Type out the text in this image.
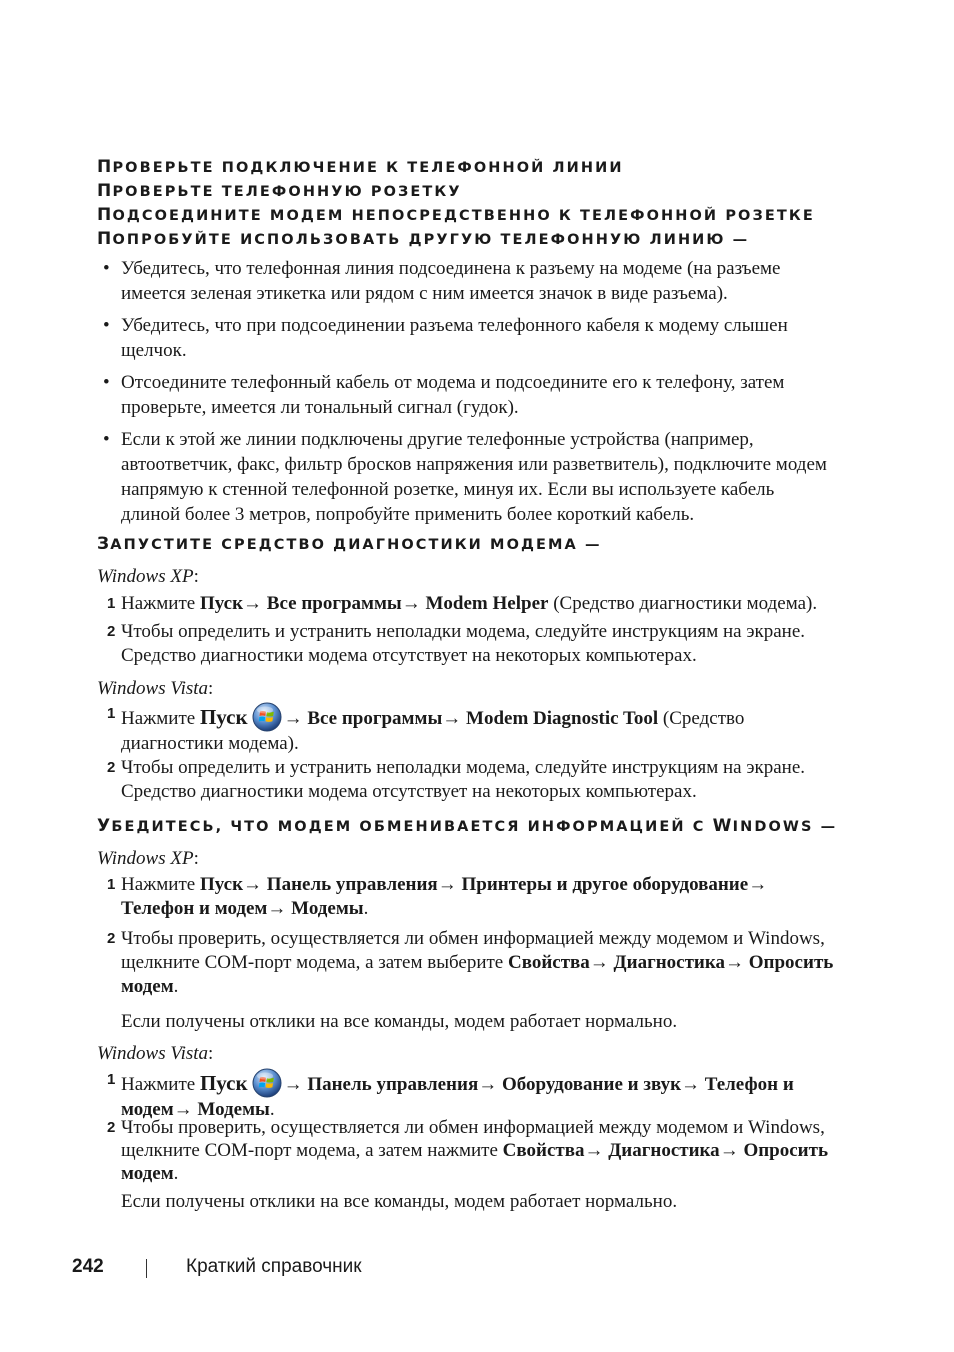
ПРОВЕРЬТЕ ПОДКЛЮЧЕНИЕ К ТЕЛЕФОННОЙ ЛИНИИ
ПРОВЕРЬТЕ ТЕЛЕФОННУЮ РОЗЕТКУ
ПОДСОЕДИНИТЕ МОДЕМ НЕПОСРЕДСТВЕННО К ТЕЛЕФОННОЙ РОЗЕТКЕ
ПОПРОБУЙТЕ ИСПОЛЬЗОВАТЬ ДРУГУЮ ТЕЛЕФОННУЮ ЛИНИЮ —
• Убедитесь, что телефонная линия подсоединена к разъему на модеме (на разъеме имеется зеленая этикетка или рядом с ним имеется значок в виде разъема).
• Убедитесь, что при подсоединении разъема телефонного кабеля к модему слышен щелчок.
• Отсоедините телефонный кабель от модема и подсоедините его к телефону, затем проверьте, имеется ли тональный сигнал (гудок).
• Если к этой же линии подключены другие телефонные устройства (например, автоответчик, факс, фильтр бросков напряжения или разветвитель), подключите модем напрямую к стенной телефонной розетке, минуя их. Если вы используете кабель длиной более 3 метров, попробуйте применить более короткий кабель.
ЗАПУСТИТЕ СРЕДСТВО ДИАГНОСТИКИ МОДЕМА —
Windows XP:
1 Нажмите Пуск→ Все программы→ Modem Helper (Средство диагностики модема).
2 Чтобы определить и устранить неполадки модема, следуйте инструкциям на экране. Средство диагностики модема отсутствует на некоторых компьютерах.
Windows Vista:
1 Нажмите Пуск → Все программы→ Modem Diagnostic Tool (Средство диагностики модема).
2 Чтобы определить и устранить неполадки модема, следуйте инструкциям на экране. Средство диагностики модема отсутствует на некоторых компьютерах.
УБЕДИТЕСЬ, ЧТО МОДЕМ ОБМЕНИВАЕТСЯ ИНФОРМАЦИЕЙ С WINDOWS —
Windows XP:
1 Нажмите Пуск→ Панель управления→ Принтеры и другое оборудование→ Телефон и модем→ Модемы.
2 Чтобы проверить, осуществляется ли обмен информацией между модемом и Windows, щелкните COM-порт модема, а затем выберите Свойства→ Диагностика→ Опросить модем.
Если получены отклики на все команды, модем работает нормально.
Windows Vista:
1 Нажмите Пуск → Панель управления→ Оборудование и звук→ Телефон и модем→ Модемы.
2 Чтобы проверить, осуществляется ли обмен информацией между модемом и Windows, щелкните COM-порт модема, а затем нажмите Свойства→ Диагностика→ Опросить модем.
Если получены отклики на все команды, модем работает нормально.
242	Краткий справочник
